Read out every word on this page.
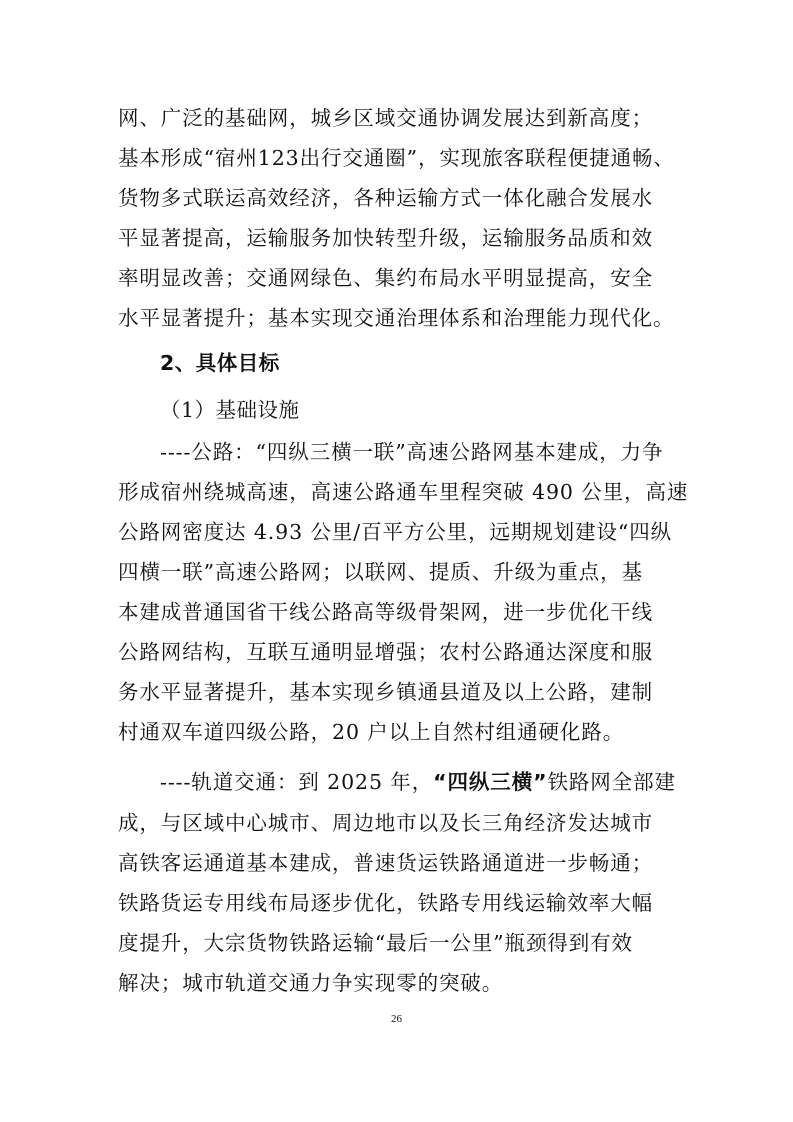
网、广泛的基础网，城乡区域交通协调发展达到新高度；
基本形成“宿州123出行交通圈”，实现旅客联程便捷通畅、
货物多式联运高效经济，各种运输方式一体化融合发展水
平显著提高，运输服务加快转型升级，运输服务品质和效
率明显改善；交通网绿色、集约布局水平明显提高，安全
水平显著提升；基本实现交通治理体系和治理能力现代化。
2、具体目标
（1）基础设施
----公路：“四纵三横一联”高速公路网基本建成，力争
形成宿州绕城高速，高速公路通车里程突破 490 公里，高速
公路网密度达 4.93 公里/百平方公里，远期规划建设“四纵
四横一联”高速公路网；以联网、提质、升级为重点，基
本建成普通国省干线公路高等级骨架网，进一步优化干线
公路网结构，互联互通明显增强；农村公路通达深度和服
务水平显著提升，基本实现乡镇通县道及以上公路，建制
村通双车道四级公路，20 户以上自然村组通硬化路。
----轨道交通：到 2025 年，“四纵三横”铁路网全部建
成，与区域中心城市、周边地市以及长三角经济发达城市
高铁客运通道基本建成，普速货运铁路通道进一步畅通；
铁路货运专用线布局逐步优化，铁路专用线运输效率大幅
度提升，大宗货物铁路运输“最后一公里”瓶颈得到有效
解决；城市轨道交通力争实现零的突破。
26
